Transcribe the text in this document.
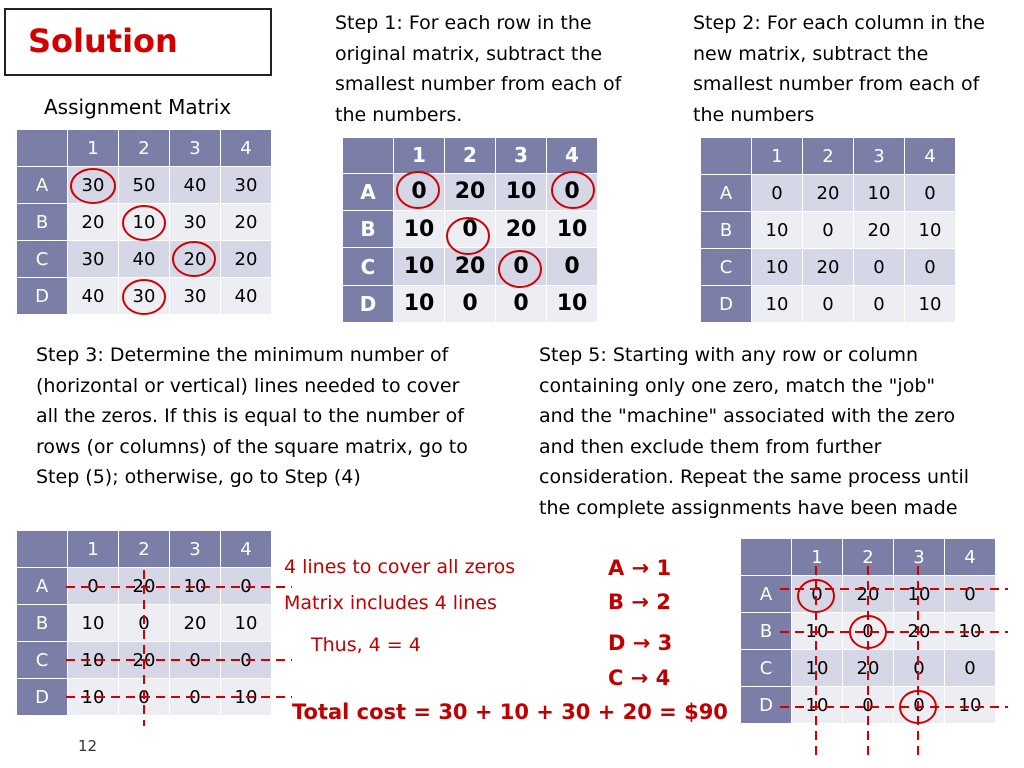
Solution
Assignment Matrix
Step 1: For each row in the
original matrix, subtract the
smallest number from each of
the numbers.
Step 2: For each column in the
new matrix, subtract the
smallest number from each of
the numbers
Step 3: Determine the minimum number of
(horizontal or vertical) lines needed to cover
all the zeros. If this is equal to the number of
rows (or columns) of the square matrix, go to
Step (5); otherwise, go to Step (4)
Step 5: Starting with any row or column
containing only one zero, match the "job"
and the "machine" associated with the zero
and then exclude them from further
consideration. Repeat the same process until
the complete assignments have been made
	1	2	3	4
A	30	50	40	30
B	20	10	30	20
C	30	40	20	20
D	40	30	30	40
	1	2	3	4
A	0	20	10	0
B	10	0	20	10
C	10	20	0	0
D	10	0	0	10
	1	2	3	4
A	0	20	10	0
B	10	0	20	10
C	10	20	0	0
D	10	0	0	10
	1	2	3	4
A	0	20	10	0
B	10	0	20	10
C	10	20	0	0
D	10	0	0	10
	1	2	3	4
A	0	20	10	0
B	10	0	20	10
C	10	20	0	0
D	10	0	0	10
4 lines to cover all zeros
Matrix includes 4 lines
Thus, 4 = 4
A → 1
B → 2
D → 3
C → 4
Total cost = 30 + 10 + 30 + 20 = $90
12
